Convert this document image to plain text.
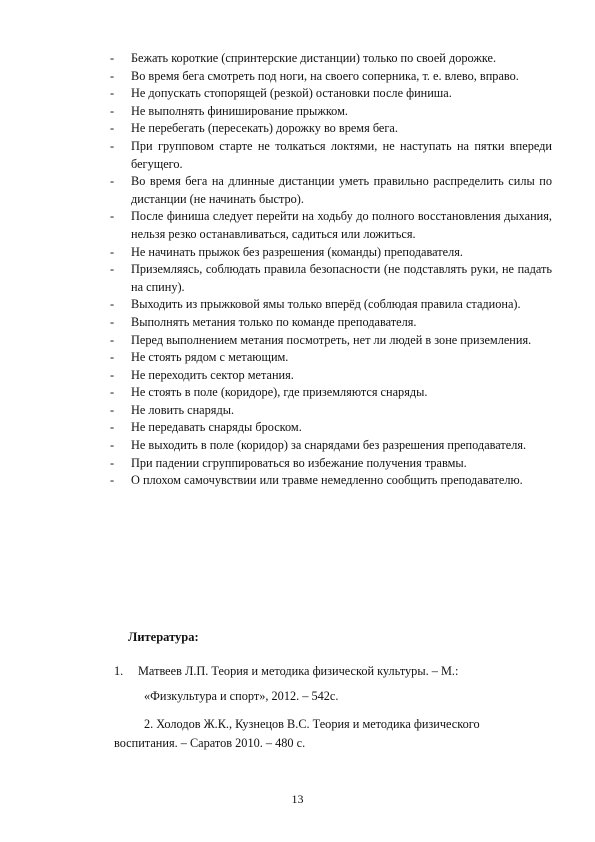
- Бежать короткие (спринтерские дистанции) только по своей дорожке.
- Во время бега смотреть под ноги, на своего соперника, т. е. влево, вправо.
- Не допускать стопорящей (резкой) остановки после финиша.
- Не выполнять финиширование прыжком.
- Не перебегать (пересекать) дорожку во время бега.
- При групповом старте не толкаться локтями, не наступать на пятки впереди бегущего.
- Во время бега на длинные дистанции уметь правильно распределить силы по дистанции (не начинать быстро).
- После финиша следует перейти на ходьбу до полного восстановления дыхания, нельзя резко останавливаться, садиться или ложиться.
- Не начинать прыжок без разрешения (команды) преподавателя.
- Приземляясь, соблюдать правила безопасности (не подставлять руки, не падать на спину).
- Выходить из прыжковой ямы только вперёд (соблюдая правила стадиона).
- Выполнять метания только по команде преподавателя.
- Перед выполнением метания посмотреть, нет ли людей в зоне приземления.
- Не стоять рядом с метающим.
- Не переходить сектор метания.
- Не стоять в поле (коридоре), где приземляются снаряды.
- Не ловить снаряды.
- Не передавать снаряды броском.
- Не выходить в поле (коридор) за снарядами без разрешения преподавателя.
- При падении сгруппироваться во избежание получения травмы.
- О плохом самочувствии или травме немедленно сообщить преподавателю.
Литература:

1. Матвеев Л.П. Теория и методика физической культуры. – М.:

«Физкультура и спорт», 2012. – 542с.

2. Холодов Ж.К., Кузнецов В.С. Теория и методика физического

воспитания. – Саратов 2010. – 480 с.

13
